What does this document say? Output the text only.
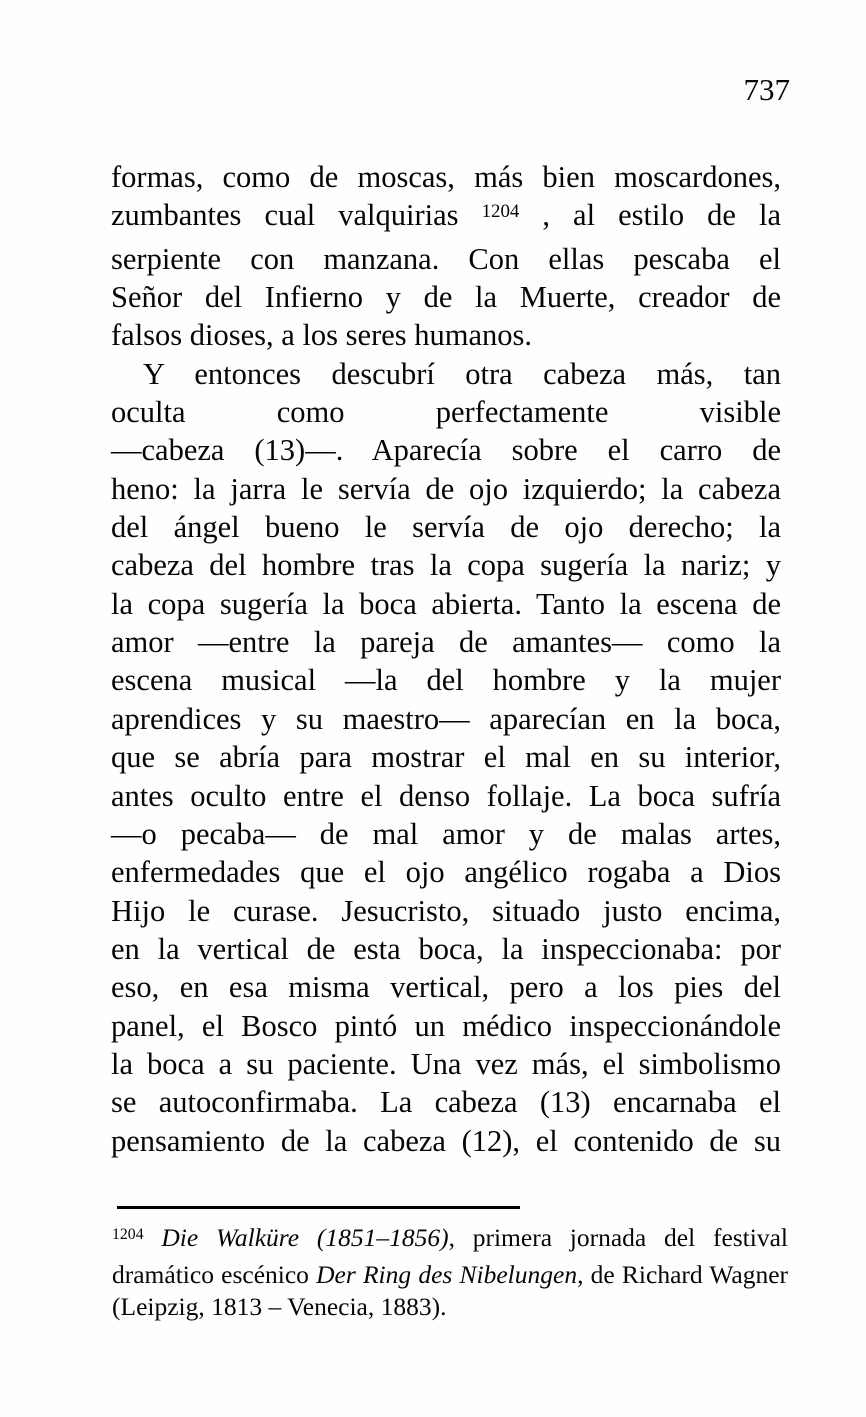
737
formas, como de moscas, más bien moscardones,
zumbantes cual valquirias $^{1204}$ , al estilo de la
serpiente con manzana. Con ellas pescaba el
Señor del Infierno y de la Muerte, creador de
falsos dioses, a los seres humanos.
Y entonces descubrí otra cabeza más, tan
oculta como perfectamente visible
—cabeza (13)—. Aparecía sobre el carro de
heno: la jarra le servía de ojo izquierdo; la cabeza
del ángel bueno le servía de ojo derecho; la
cabeza del hombre tras la copa sugería la nariz; y
la copa sugería la boca abierta. Tanto la escena de
amor —entre la pareja de amantes— como la
escena musical —la del hombre y la mujer
aprendices y su maestro— aparecían en la boca,
que se abría para mostrar el mal en su interior,
antes oculto entre el denso follaje. La boca sufría
—o pecaba— de mal amor y de malas artes,
enfermedades que el ojo angélico rogaba a Dios
Hijo le curase. Jesucristo, situado justo encima,
en la vertical de esta boca, la inspeccionaba: por
eso, en esa misma vertical, pero a los pies del
panel, el Bosco pintó un médico inspeccionándole
la boca a su paciente. Una vez más, el simbolismo
se autoconfirmaba. La cabeza (13) encarnaba el
pensamiento de la cabeza (12), el contenido de su
$^{1204}$ Die Walküre (1851–1856), primera jornada del festival
dramático escénico Der Ring des Nibelungen, de Richard Wagner
(Leipzig, 1813 – Venecia, 1883).
